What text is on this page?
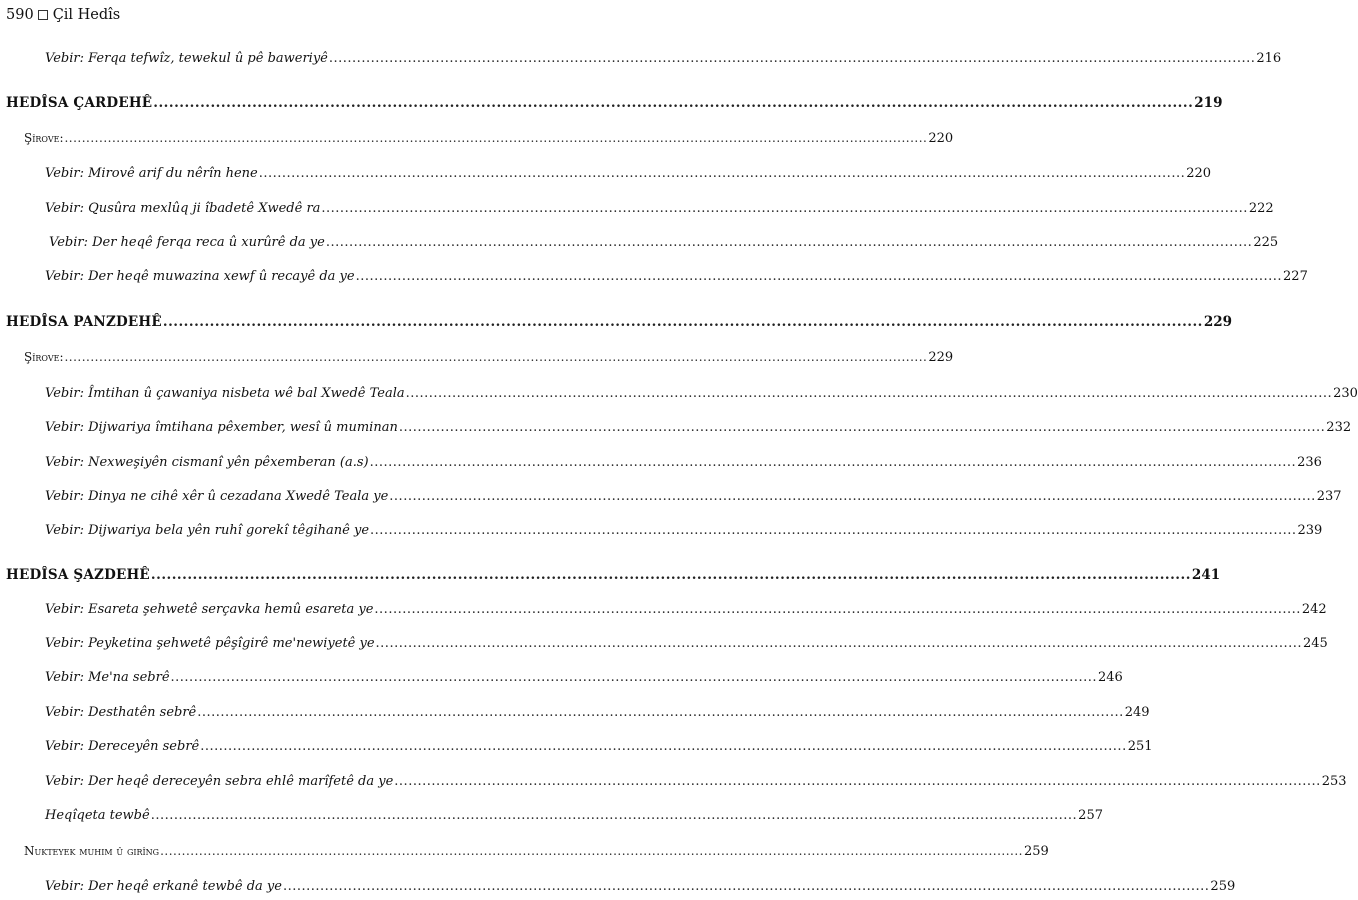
590 Çil Hedîs
Vebir: Ferqa tefwîz, tewekul û pê baweriyê ........................................................................................................................................................................................................ 216
HEDÎSA ÇARDEHÊ ........................................................................................................................................................................................................ 219
Şîrove: ........................................................................................................................................................................................................ 220
Vebir: Mirovê arif du nêrîn hene ........................................................................................................................................................................................................ 220
Vebir: Qusûra mexlûq ji îbadetê Xwedê ra ........................................................................................................................................................................................................ 222
Vebir: Der heqê ferqa reca û xurûrê da ye ........................................................................................................................................................................................................ 225
Vebir: Der heqê muwazina xewf û recayê da ye ........................................................................................................................................................................................................ 227
HEDÎSA PANZDEHÊ ........................................................................................................................................................................................................ 229
Şîrove: ........................................................................................................................................................................................................ 229
Vebir: Îmtihan û çawaniya nisbeta wê bal Xwedê Teala ........................................................................................................................................................................................................ 230
Vebir: Dijwariya îmtihana pêxember, wesî û muminan ........................................................................................................................................................................................................ 232
Vebir: Nexweşiyên cismanî yên pêxemberan (a.s) ........................................................................................................................................................................................................ 236
Vebir: Dinya ne cihê xêr û cezadana Xwedê Teala ye ........................................................................................................................................................................................................ 237
Vebir: Dijwariya bela yên ruhî gorekî têgihanê ye ........................................................................................................................................................................................................ 239
HEDÎSA ŞAZDEHÊ ........................................................................................................................................................................................................ 241
Vebir: Esareta şehwetê serçavka hemû esareta ye ........................................................................................................................................................................................................ 242
Vebir: Peyketina şehwetê pêşîgirê me'newiyetê ye ........................................................................................................................................................................................................ 245
Vebir: Me'na sebrê ........................................................................................................................................................................................................ 246
Vebir: Desthatên sebrê ........................................................................................................................................................................................................ 249
Vebir: Dereceyên sebrê ........................................................................................................................................................................................................ 251
Vebir: Der heqê dereceyên sebra ehlê marîfetê da ye ........................................................................................................................................................................................................ 253
Heqîqeta tewbê ........................................................................................................................................................................................................ 257
Nukteyek muhim û girîng ........................................................................................................................................................................................................ 259
Vebir: Der heqê erkanê tewbê da ye ........................................................................................................................................................................................................ 259
